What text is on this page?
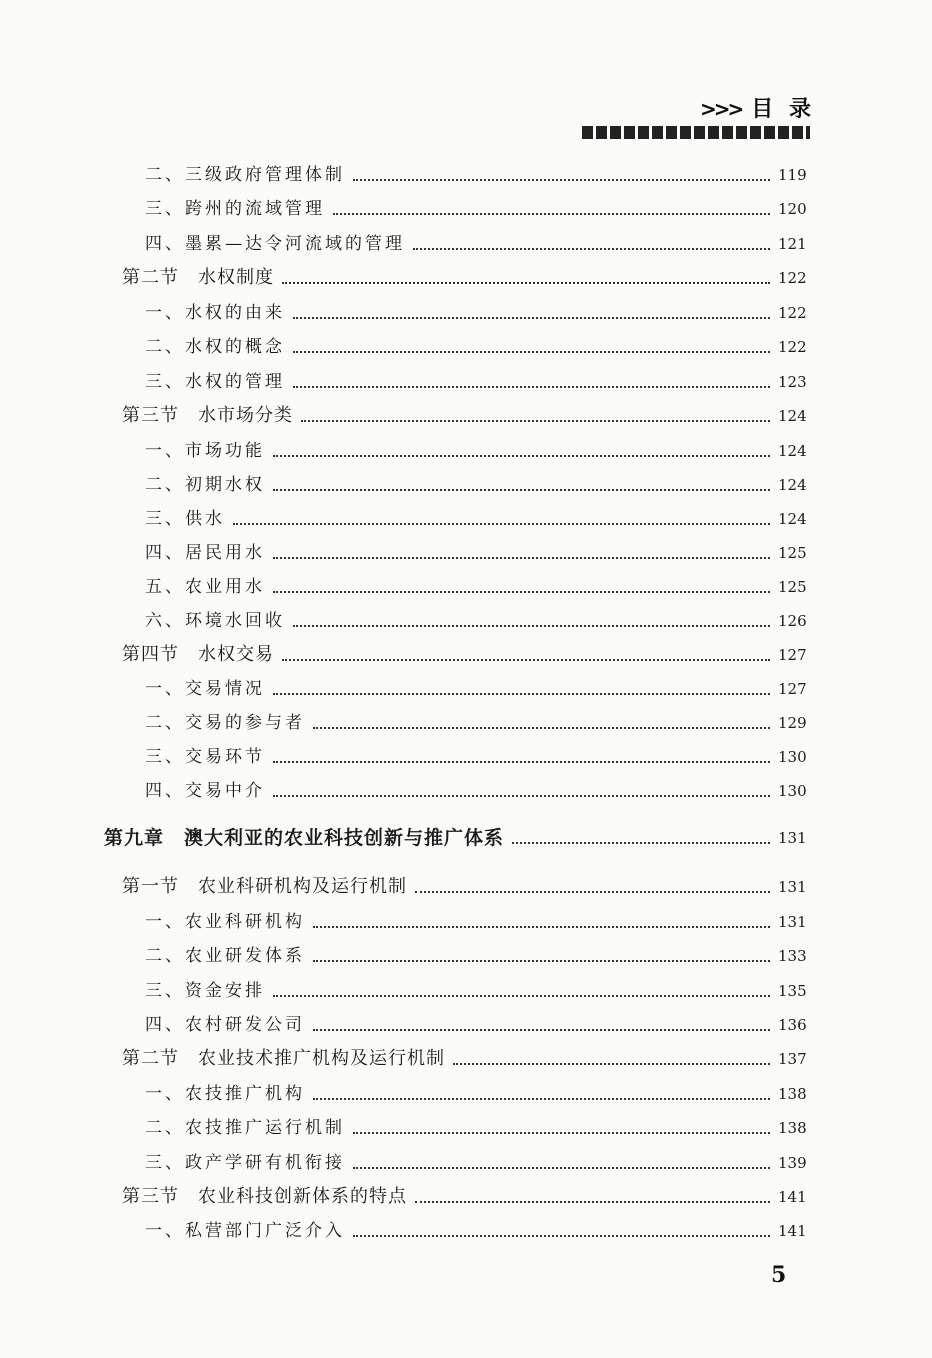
>>> 目 录
二、三级政府管理体制	119
三、跨州的流域管理	120
四、墨累—达令河流域的管理	121
第二节　水权制度	122
一、水权的由来	122
二、水权的概念	122
三、水权的管理	123
第三节　水市场分类	124
一、市场功能	124
二、初期水权	124
三、供水	124
四、居民用水	125
五、农业用水	125
六、环境水回收	126
第四节　水权交易	127
一、交易情况	127
二、交易的参与者	129
三、交易环节	130
四、交易中介	130
第九章　澳大利亚的农业科技创新与推广体系	131
第一节　农业科研机构及运行机制	131
一、农业科研机构	131
二、农业研发体系	133
三、资金安排	135
四、农村研发公司	136
第二节　农业技术推广机构及运行机制	137
一、农技推广机构	138
二、农技推广运行机制	138
三、政产学研有机衔接	139
第三节　农业科技创新体系的特点	141
一、私营部门广泛介入	141
5
